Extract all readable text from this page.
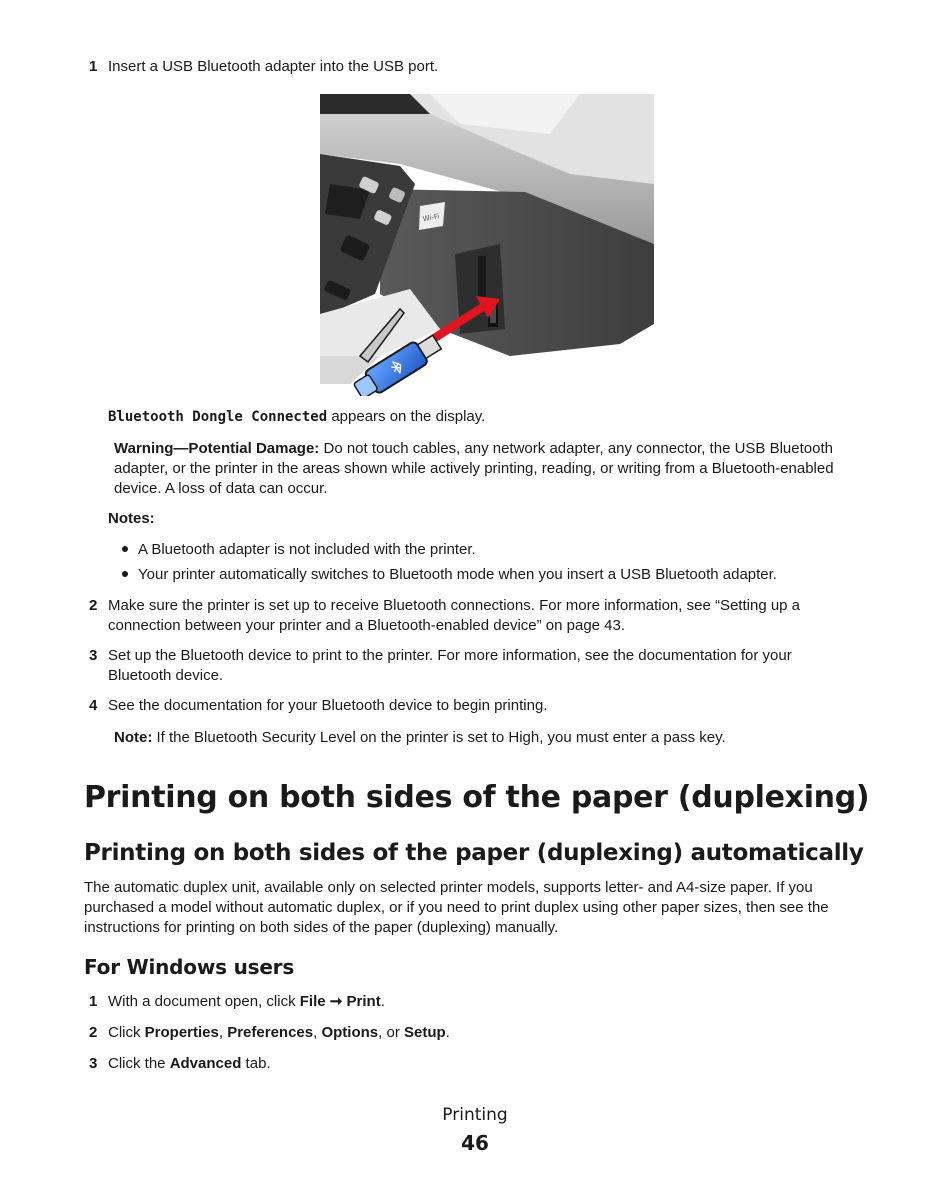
1 Insert a USB Bluetooth adapter into the USB port.
Wi-Fi
Bluetooth Dongle Connected appears on the display.
Warning—Potential Damage: Do not touch cables, any network adapter, any connector, the USB Bluetooth
adapter, or the printer in the areas shown while actively printing, reading, or writing from a Bluetooth-enabled
device. A loss of data can occur.
Notes:
A Bluetooth adapter is not included with the printer.
Your printer automatically switches to Bluetooth mode when you insert a USB Bluetooth adapter.
2 Make sure the printer is set up to receive Bluetooth connections. For more information, see “Setting up a
connection between your printer and a Bluetooth-enabled device” on page 43.
3 Set up the Bluetooth device to print to the printer. For more information, see the documentation for your
Bluetooth device.
4 See the documentation for your Bluetooth device to begin printing.
Note: If the Bluetooth Security Level on the printer is set to High, you must enter a pass key.
Printing on both sides of the paper (duplexing)
Printing on both sides of the paper (duplexing) automatically
The automatic duplex unit, available only on selected printer models, supports letter- and A4-size paper. If you
purchased a model without automatic duplex, or if you need to print duplex using other paper sizes, then see the
instructions for printing on both sides of the paper (duplexing) manually.
For Windows users
1 With a document open, click File ➞ Print.
2 Click Properties, Preferences, Options, or Setup.
3 Click the Advanced tab.
Printing
46
